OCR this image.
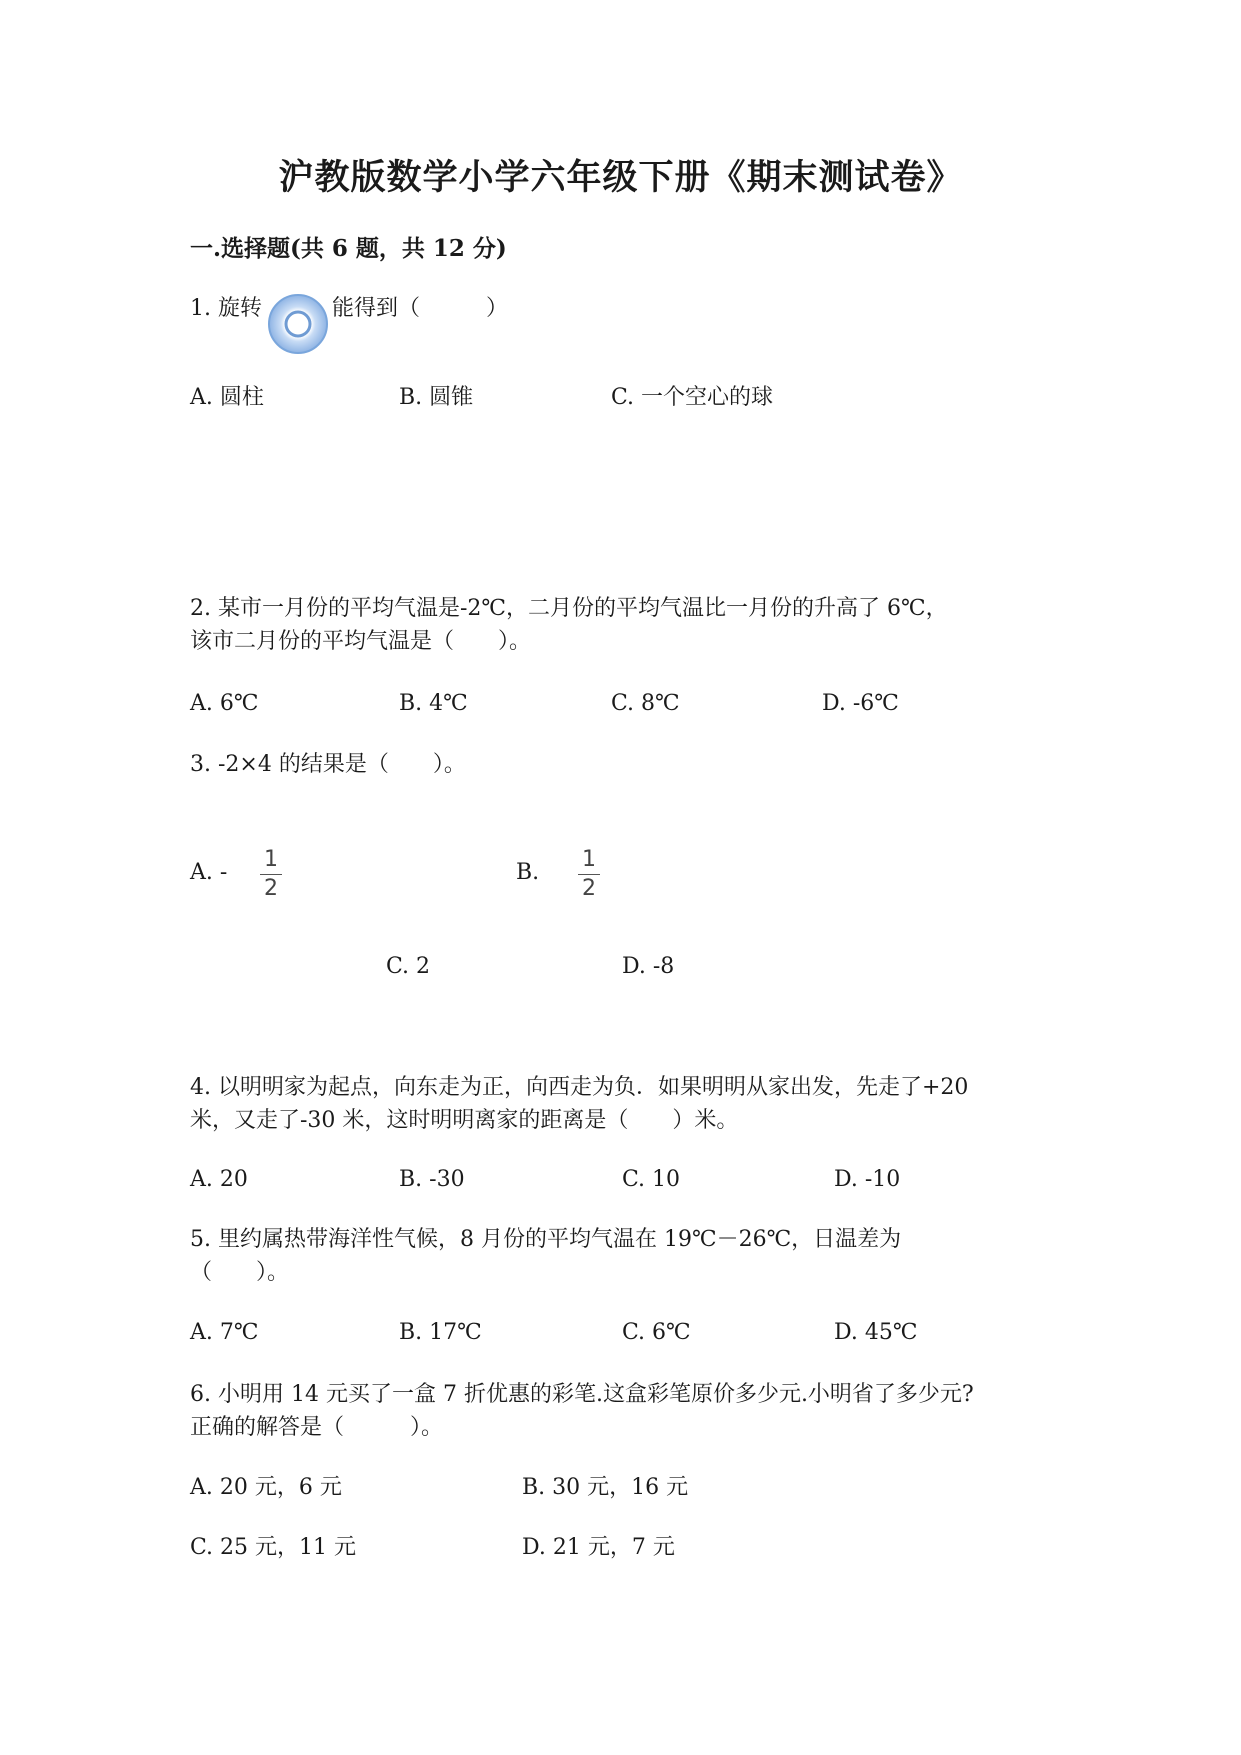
沪教版数学小学六年级下册《期末测试卷》
一.选择题(共 6 题，共 12 分)
1. 旋转	能得到（　　　）
A. 圆柱	B. 圆锥	C. 一个空心的球
2. 某市一月份的平均气温是-2℃，二月份的平均气温比一月份的升高了 6℃，
该市二月份的平均气温是（　　）。
A. 6℃	B. 4℃	C. 8℃	D. -6℃
3. -2×4 的结果是（　　）。
A. -
1
2
B.
1
2
C. 2	D. -8
4. 以明明家为起点，向东走为正，向西走为负．如果明明从家出发，先走了+20
米，又走了-30 米，这时明明离家的距离是（　　）米。
A. 20	B. -30	C. 10	D. -10
5. 里约属热带海洋性气候，8 月份的平均气温在 19℃－26℃，日温差为
（　　）。
A. 7℃	B. 17℃	C. 6℃	D. 45℃
6. 小明用 14 元买了一盒 7 折优惠的彩笔.这盒彩笔原价多少元.小明省了多少元?
正确的解答是（　　　）。
A. 20 元，6 元	B. 30 元，16 元
C. 25 元，11 元	D. 21 元，7 元
